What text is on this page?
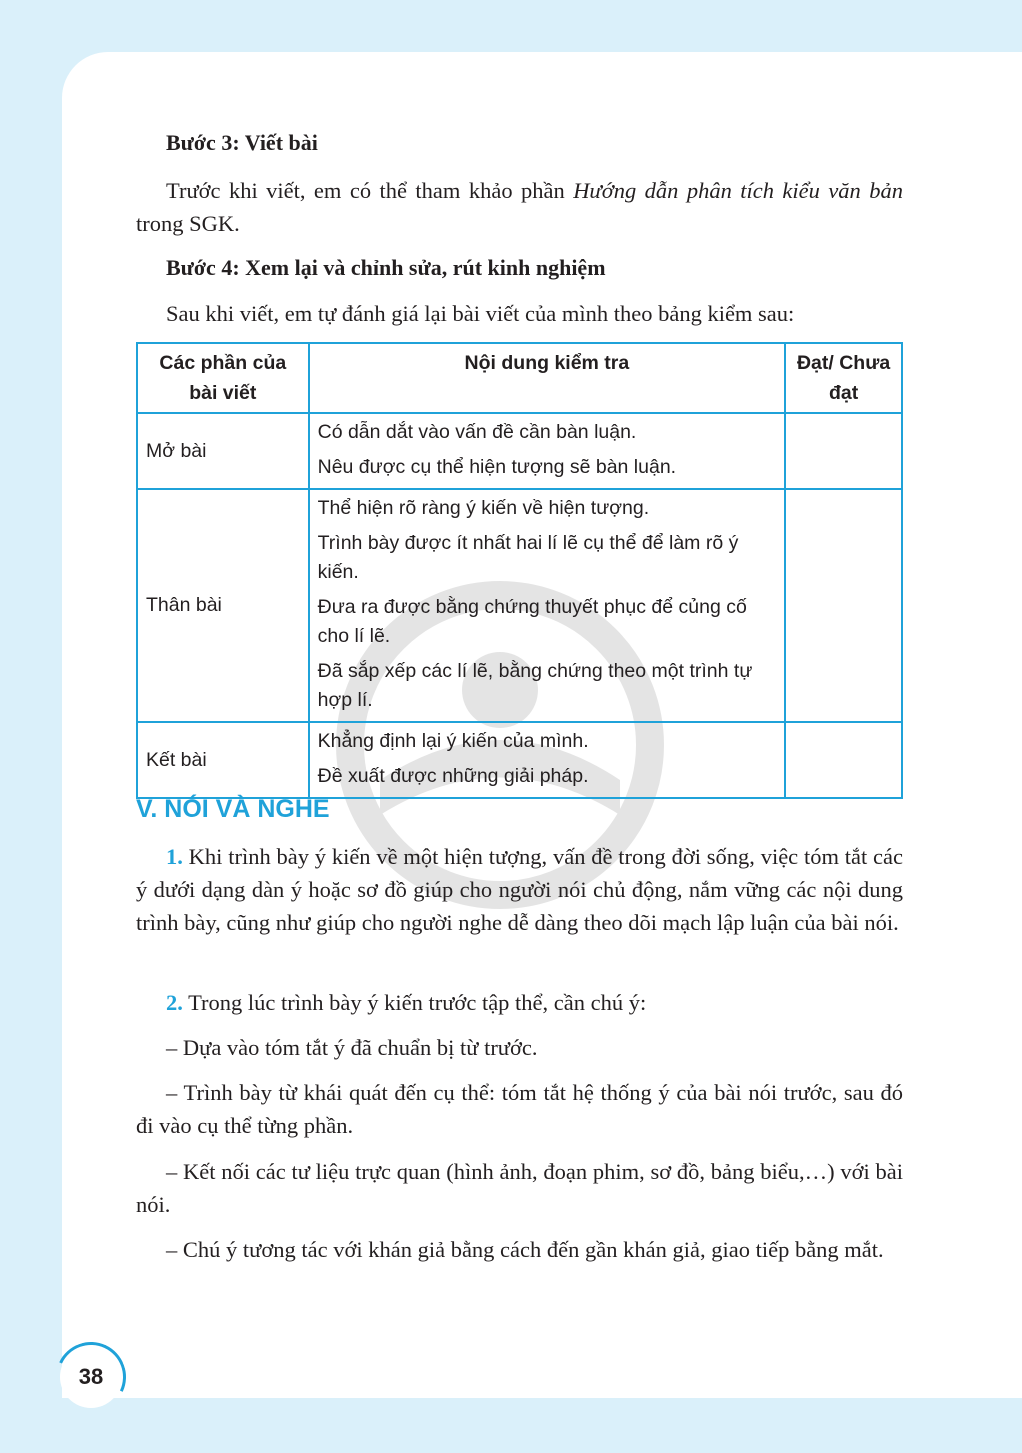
Bước 3: Viết bài
Trước khi viết, em có thể tham khảo phần Hướng dẫn phân tích kiểu văn bản trong SGK.
Bước 4: Xem lại và chỉnh sửa, rút kinh nghiệm
Sau khi viết, em tự đánh giá lại bài viết của mình theo bảng kiểm sau:
Các phần của bài viết	Nội dung kiểm tra	Đạt/ Chưa đạt
Mở bài	Có dẫn dắt vào vấn đề cần bàn luận.
Nêu được cụ thể hiện tượng sẽ bàn luận.	

Thân bài	Thể hiện rõ ràng ý kiến về hiện tượng.
Trình bày được ít nhất hai lí lẽ cụ thể để làm rõ ý kiến.
Đưa ra được bằng chứng thuyết phục để củng cố cho lí lẽ.
Đã sắp xếp các lí lẽ, bằng chứng theo một trình tự hợp lí.	

Kết bài	Khẳng định lại ý kiến của mình.
Đề xuất được những giải pháp.	

V. NÓI VÀ NGHE
1. Khi trình bày ý kiến về một hiện tượng, vấn đề trong đời sống, việc tóm tắt các ý dưới dạng dàn ý hoặc sơ đồ giúp cho người nói chủ động, nắm vững các nội dung trình bày, cũng như giúp cho người nghe dễ dàng theo dõi mạch lập luận của bài nói.
2. Trong lúc trình bày ý kiến trước tập thể, cần chú ý:
– Dựa vào tóm tắt ý đã chuẩn bị từ trước.
– Trình bày từ khái quát đến cụ thể: tóm tắt hệ thống ý của bài nói trước, sau đó đi vào cụ thể từng phần.
– Kết nối các tư liệu trực quan (hình ảnh, đoạn phim, sơ đồ, bảng biểu,…) với bài nói.
– Chú ý tương tác với khán giả bằng cách đến gần khán giả, giao tiếp bằng mắt.
38
